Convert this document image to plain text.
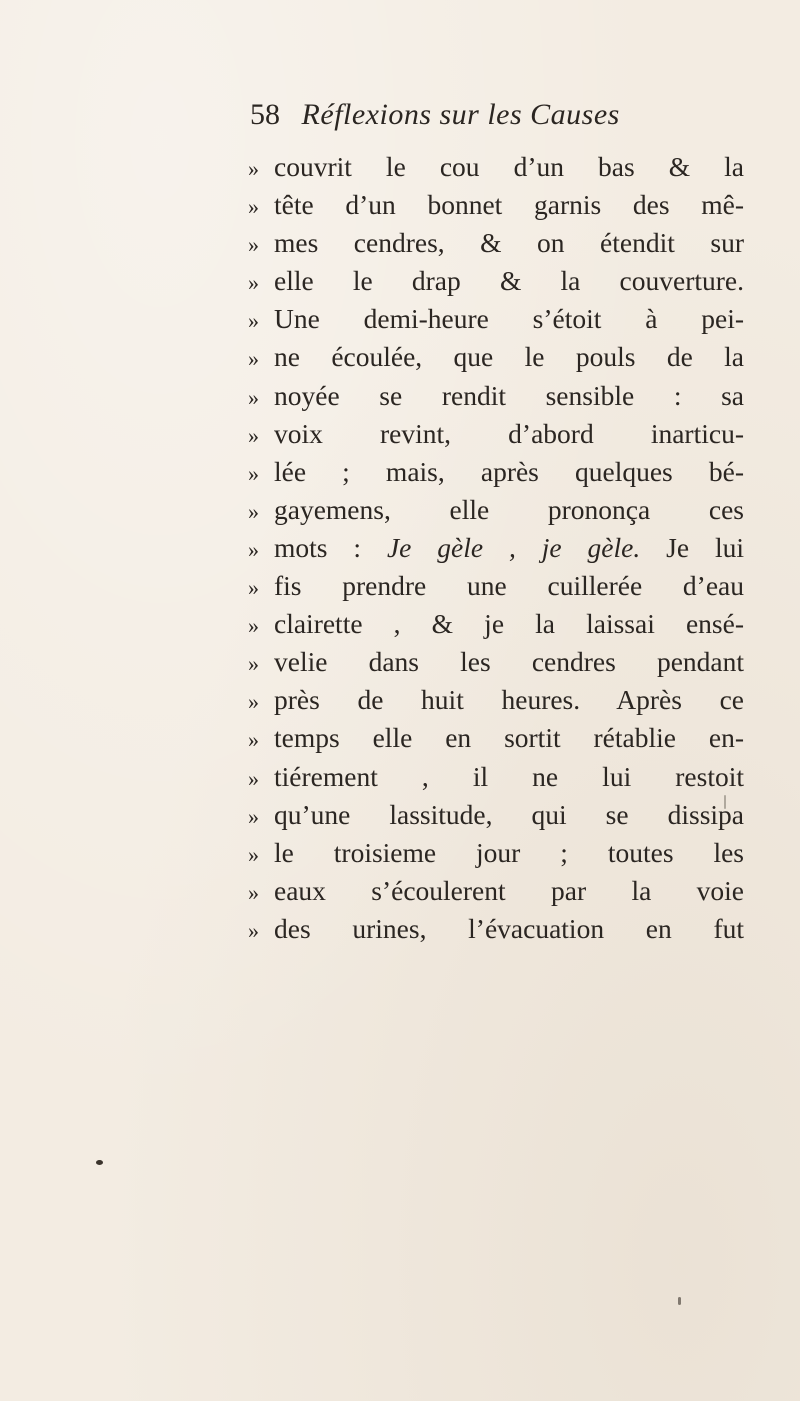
58 Réflexions sur les Causes
» couvrit le cou d’un bas & la
» tête d’un bonnet garnis des mê-
» mes cendres, & on étendit sur
» elle le drap & la couverture.
» Une demi-heure s’étoit à pei-
» ne écoulée, que le pouls de la
» noyée se rendit sensible : sa
» voix revint, d’abord inarticu-
» lée ; mais, après quelques bé-
» gayemens, elle prononça ces
» mots : Je gèle , je gèle. Je lui
» fis prendre une cuillerée d’eau
» clairette , & je la laissai ensé-
» velie dans les cendres pendant
» près de huit heures. Après ce
» temps elle en sortit rétablie en-
» tiérement , il ne lui restoit
» qu’une lassitude, qui se dissipa
» le troisieme jour ; toutes les
» eaux s’écoulerent par la voie
» des urines, l’évacuation en fut
